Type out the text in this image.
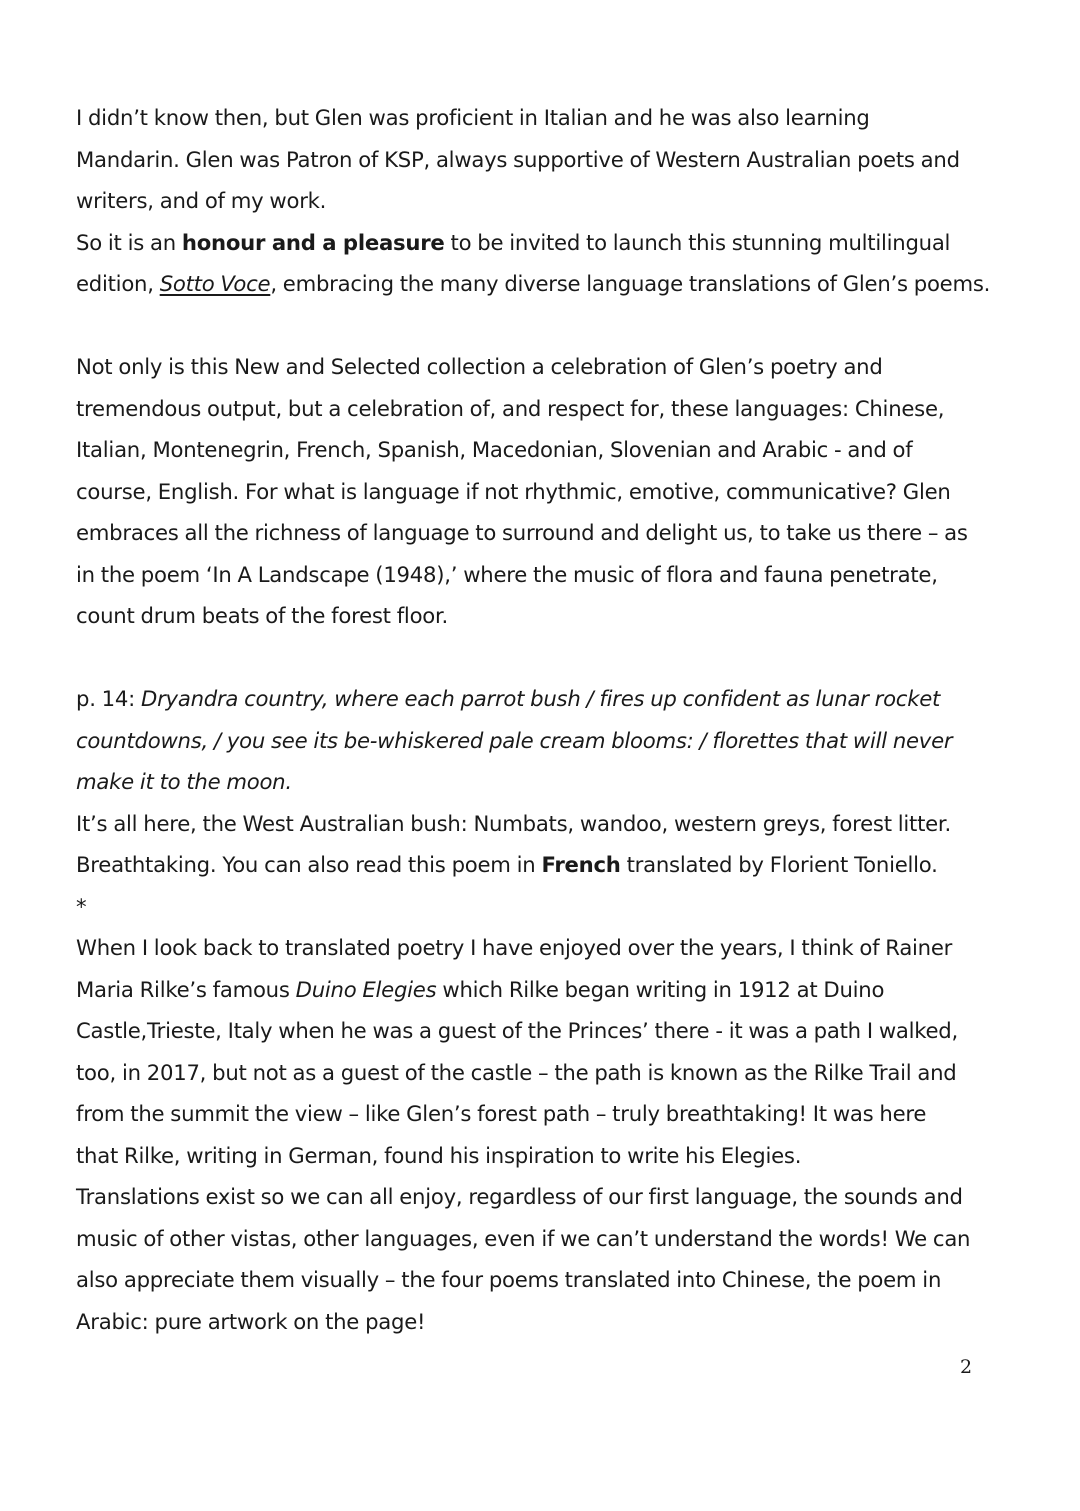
I didn’t know then, but Glen was proficient in Italian and he was also learning

Mandarin. Glen was Patron of KSP, always supportive of Western Australian poets and

writers, and of my work.

So it is an honour and a pleasure to be invited to launch this stunning multilingual

edition, Sotto Voce, embracing the many diverse language translations of Glen’s poems.

Not only is this New and Selected collection a celebration of Glen’s poetry and

tremendous output, but a celebration of, and respect for, these languages: Chinese,

Italian, Montenegrin, French, Spanish, Macedonian, Slovenian and Arabic - and of

course, English. For what is language if not rhythmic, emotive, communicative? Glen

embraces all the richness of language to surround and delight us, to take us there – as

in the poem ‘In A Landscape (1948),’ where the music of flora and fauna penetrate,

count drum beats of the forest floor.

p. 14: Dryandra country, where each parrot bush / fires up confident as lunar rocket

countdowns, / you see its be-whiskered pale cream blooms: / florettes that will never

make it to the moon.

It’s all here, the West Australian bush: Numbats, wandoo, western greys, forest litter.

Breathtaking. You can also read this poem in French translated by Florient Toniello.

*

When I look back to translated poetry I have enjoyed over the years, I think of Rainer

Maria Rilke’s famous Duino Elegies which Rilke began writing in 1912 at Duino

Castle,Trieste, Italy when he was a guest of the Princes’ there - it was a path I walked,

too, in 2017, but not as a guest of the castle – the path is known as the Rilke Trail and

from the summit the view – like Glen’s forest path – truly breathtaking! It was here

that Rilke, writing in German, found his inspiration to write his Elegies.

Translations exist so we can all enjoy, regardless of our first language, the sounds and

music of other vistas, other languages, even if we can’t understand the words! We can

also appreciate them visually – the four poems translated into Chinese, the poem in

Arabic: pure artwork on the page!

2
